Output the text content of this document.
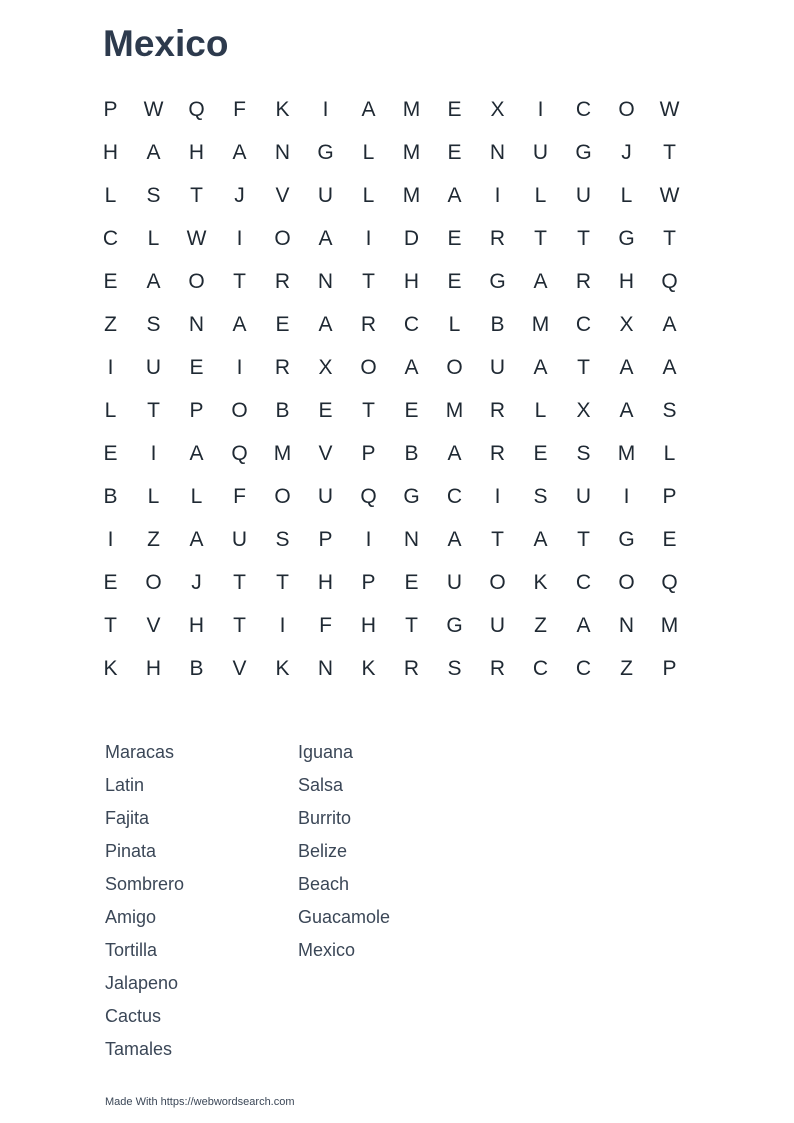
Mexico
P	W	Q	F	K	I	A	M	E	X	I	C	O	W
H	A	H	A	N	G	L	M	E	N	U	G	J	T
L	S	T	J	V	U	L	M	A	I	L	U	L	W
C	L	W	I	O	A	I	D	E	R	T	T	G	T
E	A	O	T	R	N	T	H	E	G	A	R	H	Q
Z	S	N	A	E	A	R	C	L	B	M	C	X	A
I	U	E	I	R	X	O	A	O	U	A	T	A	A
L	T	P	O	B	E	T	E	M	R	L	X	A	S
E	I	A	Q	M	V	P	B	A	R	E	S	M	L
B	L	L	F	O	U	Q	G	C	I	S	U	I	P
I	Z	A	U	S	P	I	N	A	T	A	T	G	E
E	O	J	T	T	H	P	E	U	O	K	C	O	Q
T	V	H	T	I	F	H	T	G	U	Z	A	N	M
K	H	B	V	K	N	K	R	S	R	C	C	Z	P
Maracas
Latin
Fajita
Pinata
Sombrero
Amigo
Tortilla
Jalapeno
Cactus
Tamales
Iguana
Salsa
Burrito
Belize
Beach
Guacamole
Mexico
Made With https://webwordsearch.com
